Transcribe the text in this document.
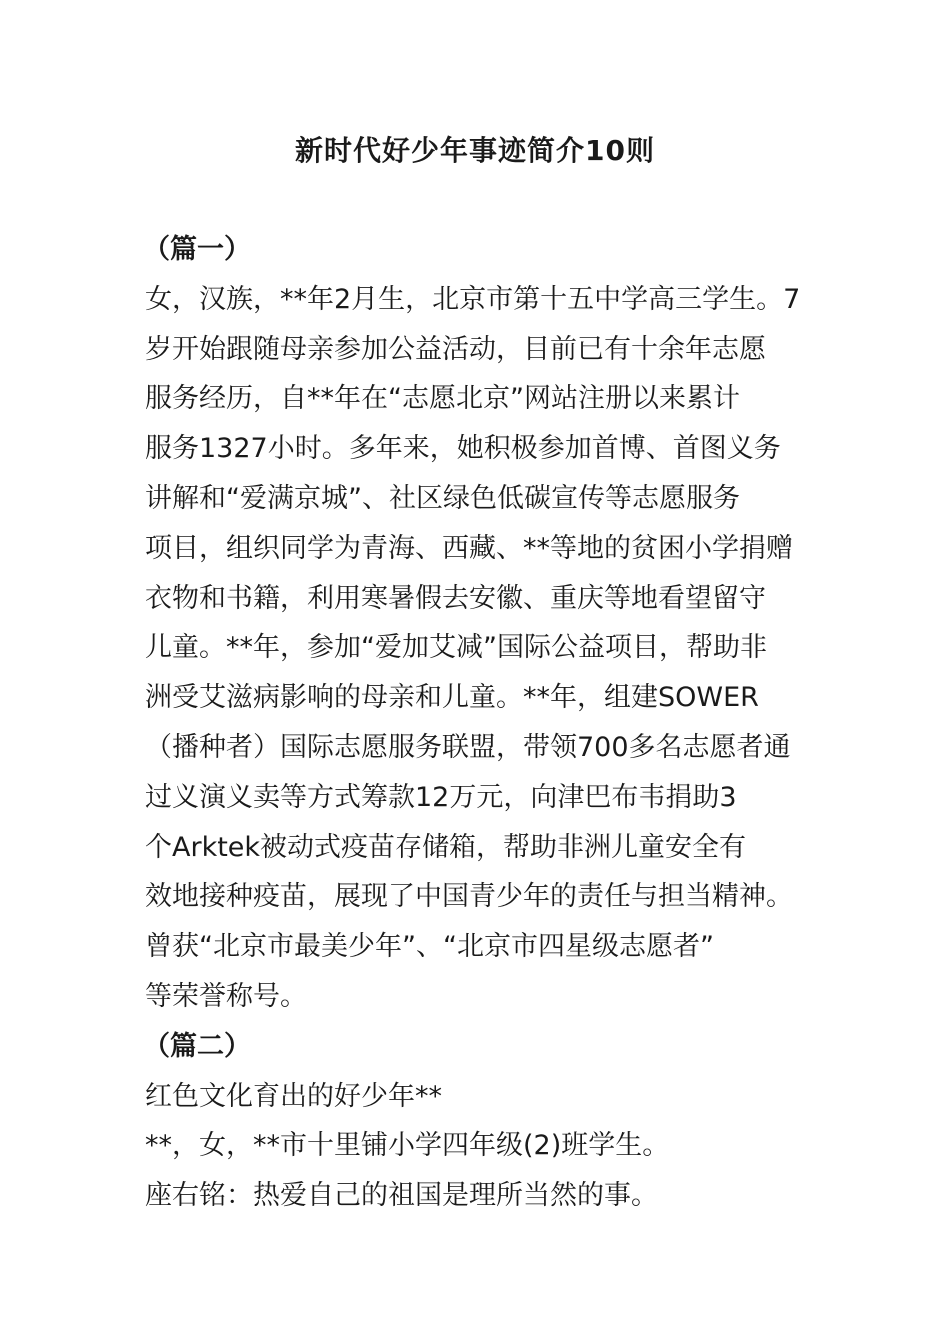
新时代好少年事迹简介10则
（篇一）
女，汉族，**年2月生，北京市第十五中学高三学生。7
岁开始跟随母亲参加公益活动，目前已有十余年志愿
服务经历，自**年在“志愿北京”网站注册以来累计
服务1327小时。多年来，她积极参加首博、首图义务
讲解和“爱满京城”、社区绿色低碳宣传等志愿服务
项目，组织同学为青海、西藏、**等地的贫困小学捐赠
衣物和书籍，利用寒暑假去安徽、重庆等地看望留守
儿童。**年，参加“爱加艾减”国际公益项目，帮助非
洲受艾滋病影响的母亲和儿童。**年，组建SOWER
（播种者）国际志愿服务联盟，带领700多名志愿者通
过义演义卖等方式筹款12万元，向津巴布韦捐助3
个Arktek被动式疫苗存储箱，帮助非洲儿童安全有
效地接种疫苗，展现了中国青少年的责任与担当精神。
曾获“北京市最美少年”、“北京市四星级志愿者”
等荣誉称号。
（篇二）
红色文化育出的好少年**
**，女，**市十里铺小学四年级(2)班学生。
座右铭：热爱自己的祖国是理所当然的事。
